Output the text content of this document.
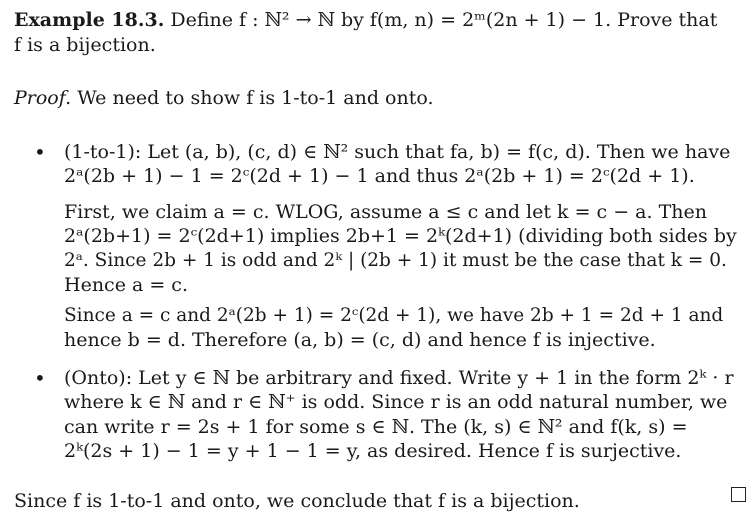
Example 18.3. Define f : ℕ² → ℕ by f(m, n) = 2ᵐ(2n + 1) − 1. Prove that
f is a bijection.
Proof. We need to show f is 1-to-1 and onto.
• (1-to-1): Let (a, b), (c, d) ∈ ℕ² such that fa, b) = f(c, d). Then we have
2ᵃ(2b + 1) − 1 = 2ᶜ(2d + 1) − 1 and thus 2ᵃ(2b + 1) = 2ᶜ(2d + 1).
First, we claim a = c. WLOG, assume a ≤ c and let k = c − a. Then
2ᵃ(2b+1) = 2ᶜ(2d+1) implies 2b+1 = 2ᵏ(2d+1) (dividing both sides by
2ᵃ. Since 2b + 1 is odd and 2ᵏ | (2b + 1) it must be the case that k = 0.
Hence a = c.
Since a = c and 2ᵃ(2b + 1) = 2ᶜ(2d + 1), we have 2b + 1 = 2d + 1 and
hence b = d. Therefore (a, b) = (c, d) and hence f is injective.
• (Onto): Let y ∈ ℕ be arbitrary and fixed. Write y + 1 in the form 2ᵏ · r
where k ∈ ℕ and r ∈ ℕ⁺ is odd. Since r is an odd natural number, we
can write r = 2s + 1 for some s ∈ ℕ. The (k, s) ∈ ℕ² and f(k, s) =
2ᵏ(2s + 1) − 1 = y + 1 − 1 = y, as desired. Hence f is surjective.
Since f is 1-to-1 and onto, we conclude that f is a bijection.
